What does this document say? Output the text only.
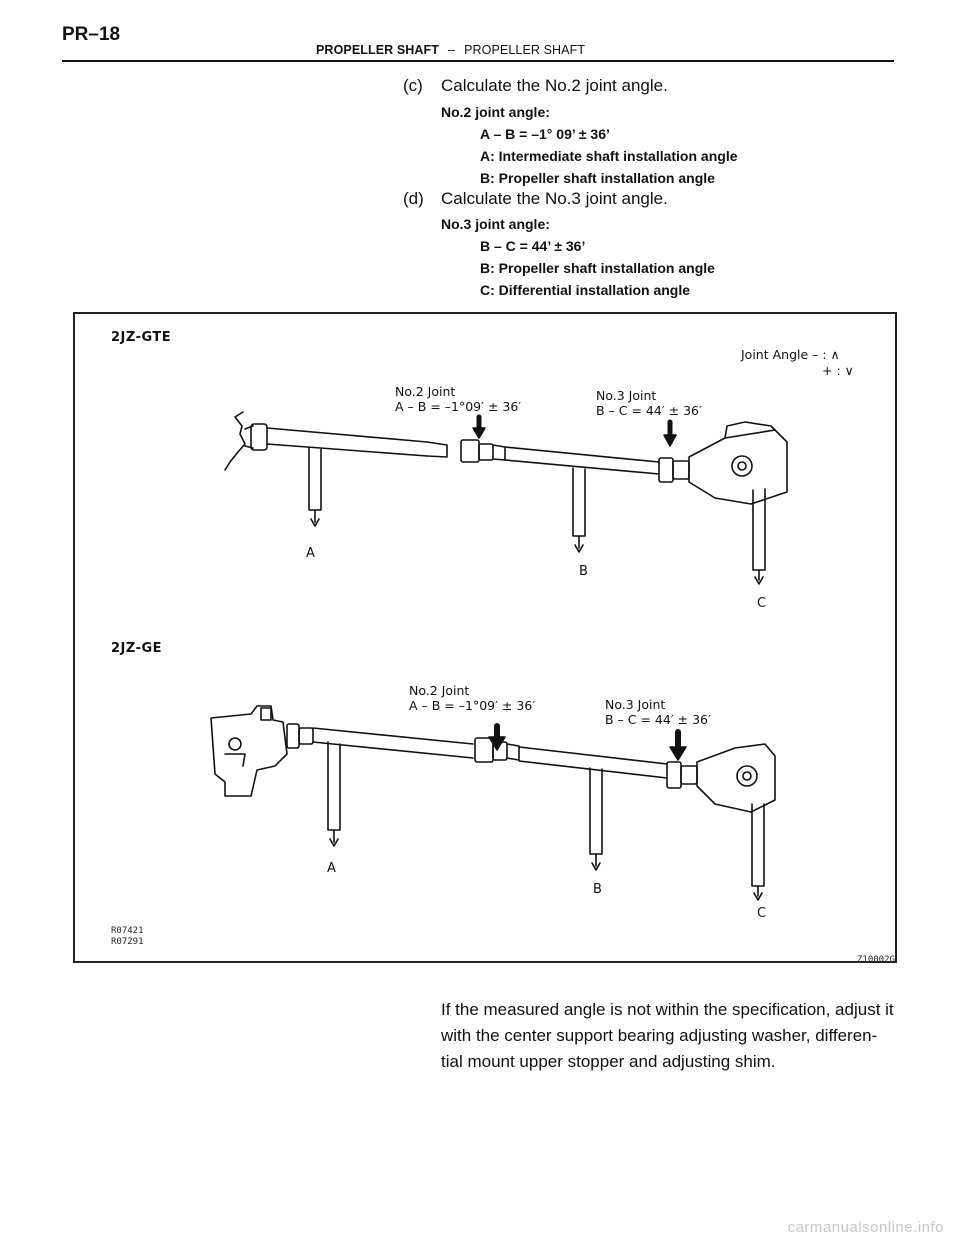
PR–18
PROPELLER SHAFT – PROPELLER SHAFT
(c) Calculate the No.2 joint angle.
No.2 joint angle:
A – B = –1° 09’ ± 36’
A: Intermediate shaft installation angle
B: Propeller shaft installation angle
(d) Calculate the No.3 joint angle.
No.3 joint angle:
B – C = 44’ ± 36’
B: Propeller shaft installation angle
C: Differential installation angle
2JZ-GTE
Joint Angle – : ∧
+ : ∨
No.2 Joint
A – B = –1°09′ ± 36′
No.3 Joint
B – C = 44′ ± 36′
A
B
C
2JZ-GE
No.2 Joint
A – B = –1°09′ ± 36′	No.3 Joint
B – C = 44′ ± 36′
A
B
C
R07421
R07291
Z10002G
If the measured angle is not within the specification, adjust it with the center support bearing adjusting washer, differen-tial mount upper stopper and adjusting shim.
carmanualsonline.info
